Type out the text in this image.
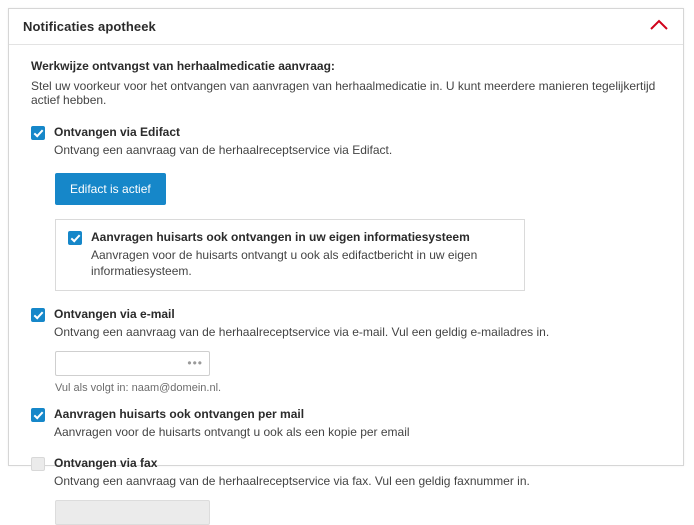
Notificaties apotheek

Werkwijze ontvangst van herhaalmedicatie aanvraag:

Stel uw voorkeur voor het ontvangen van aanvragen van herhaalmedicatie in. U kunt meerdere manieren tegelijkertijd actief hebben.

Ontvangen via Edifact
Ontvang een aanvraag van de herhaalreceptservice via Edifact.
Edifact is actief
Aanvragen huisarts ook ontvangen in uw eigen informatiesysteem
Aanvragen voor de huisarts ontvangt u ook als edifactbericht in uw eigen informatiesysteem.
Ontvangen via e-mail
Ontvang een aanvraag van de herhaalreceptservice via e-mail. Vul een geldig e-mailadres in.
•••
Vul als volgt in: naam@domein.nl.
Aanvragen huisarts ook ontvangen per mail
Aanvragen voor de huisarts ontvangt u ook als een kopie per email
Ontvangen via fax
Ontvang een aanvraag van de herhaalreceptservice via fax. Vul een geldig faxnummer in.
